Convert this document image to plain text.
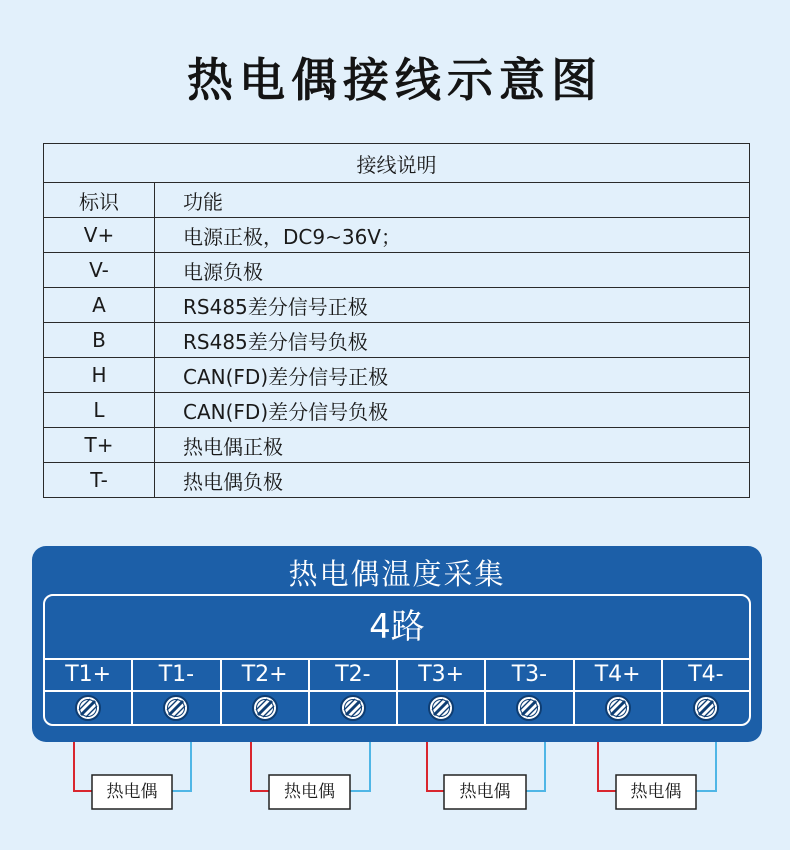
热电偶接线示意图
接线说明	
标识	功能
V+	电源正极，DC9~36V；
V-	电源负极
A	RS485差分信号正极
B	RS485差分信号负极
H	CAN(FD)差分信号正极
L	CAN(FD)差分信号负极
T+	热电偶正极
T-	热电偶负极
热电偶	热电偶	热电偶	热电偶
热电偶温度采集
4路
T1+	T1-	T2+	T2-	T3+	T3-	T4+	T4-
